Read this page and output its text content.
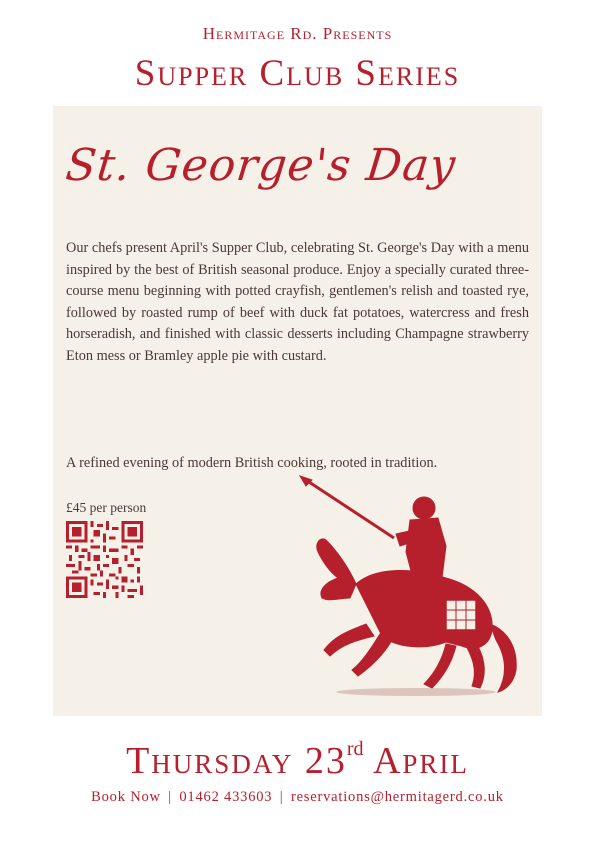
Hermitage Rd. Presents
Supper Club Series
St. George's Day
Our chefs present April's Supper Club, celebrating St. George's Day with a menu inspired by the best of British seasonal produce. Enjoy a specially curated three-course menu beginning with potted crayfish, gentlemen's relish and toasted rye, followed by roasted rump of beef with duck fat potatoes, watercress and fresh horseradish, and finished with classic desserts including Champagne strawberry Eton mess or Bramley apple pie with custard.
A refined evening of modern British cooking, rooted in tradition.
£45 per person
Thursday 23rd April
Book Now | 01462 433603 | reservations@hermitagerd.co.uk
